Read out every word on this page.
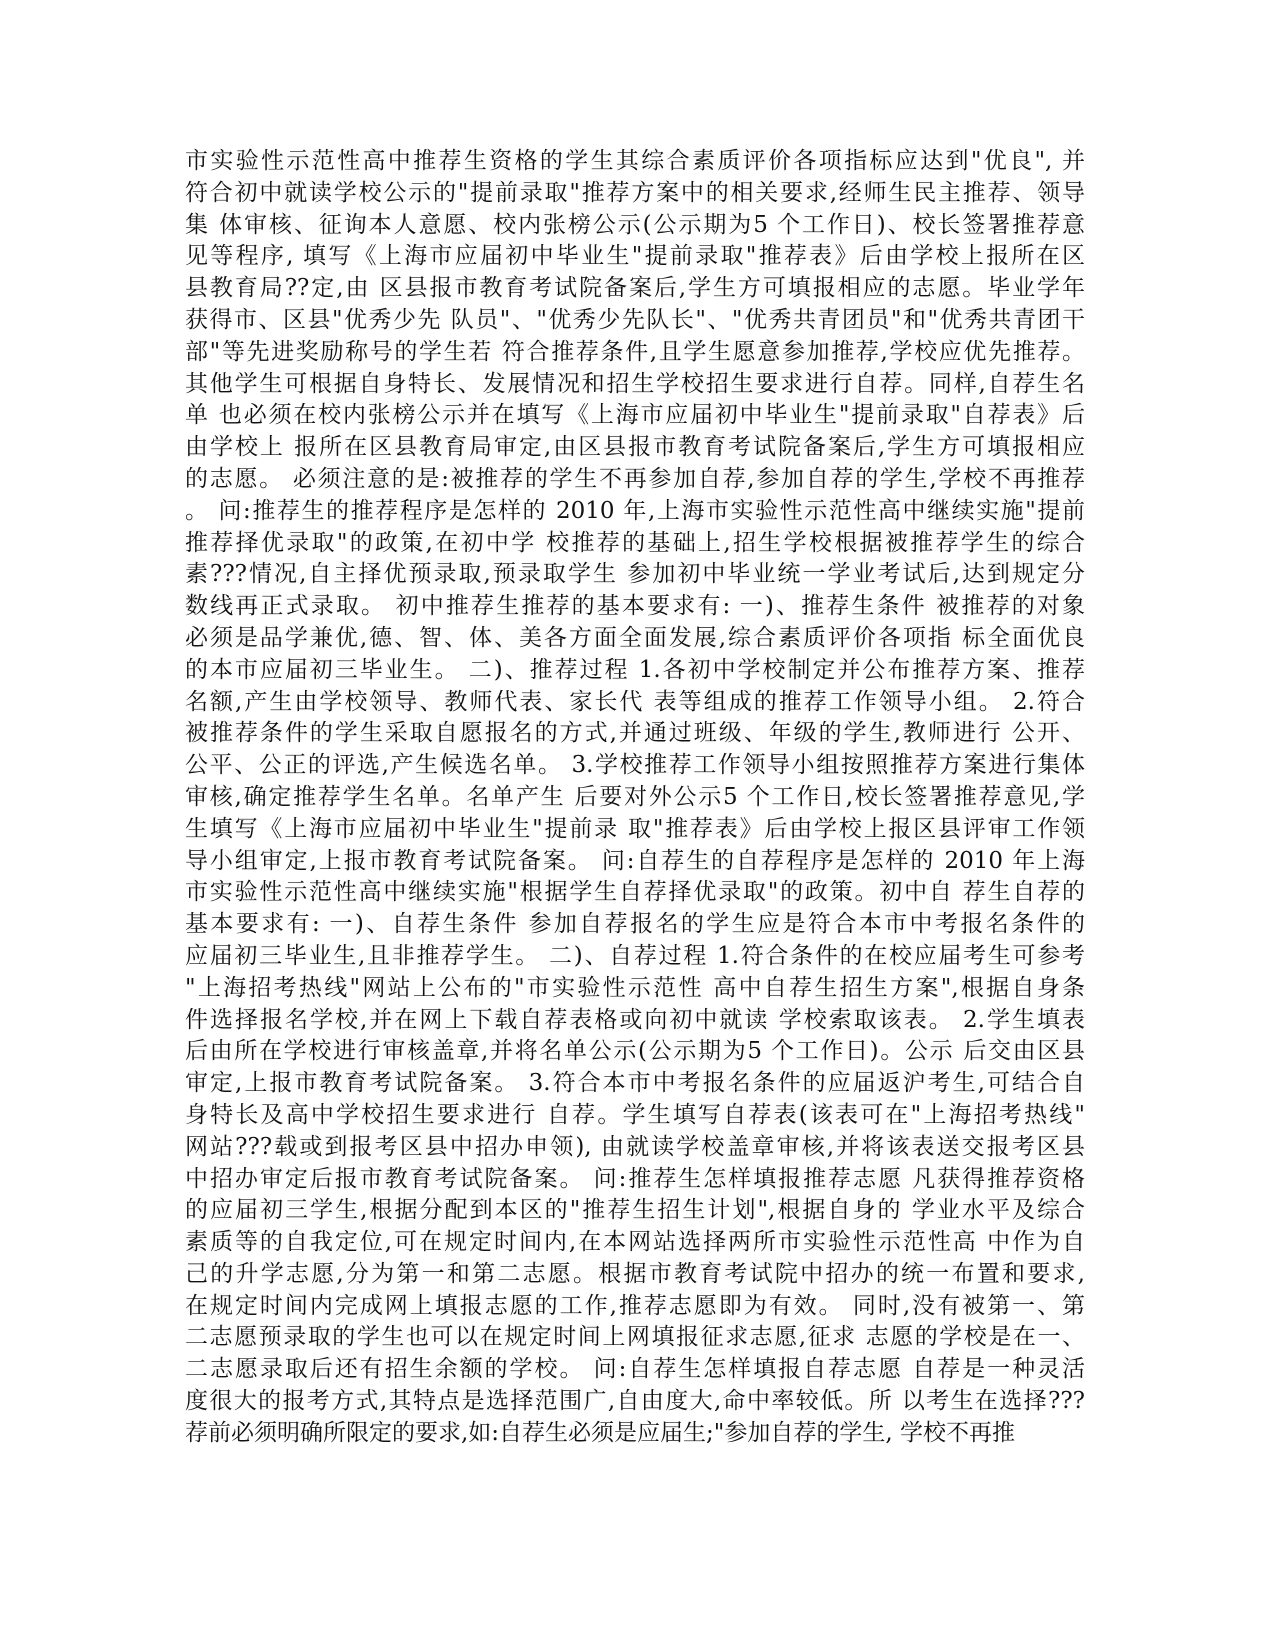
市实验性示范性高中推荐生资格的学生其综合素质评价各项指标应达到"优良", 并
符合初中就读学校公示的"提前录取"推荐方案中的相关要求,经师生民主推荐、领导
集 体审核、征询本人意愿、校内张榜公示(公示期为5 个工作日)、校长签署推荐意
见等程序, 填写《上海市应届初中毕业生"提前录取"推荐表》后由学校上报所在区
县教育局??定,由 区县报市教育考试院备案后,学生方可填报相应的志愿。毕业学年
获得市、区县"优秀少先 队员"、"优秀少先队长"、"优秀共青团员"和"优秀共青团干
部"等先进奖励称号的学生若 符合推荐条件,且学生愿意参加推荐,学校应优先推荐。
其他学生可根据自身特长、发展情况和招生学校招生要求进行自荐。同样,自荐生名
单 也必须在校内张榜公示并在填写《上海市应届初中毕业生"提前录取"自荐表》后
由学校上 报所在区县教育局审定,由区县报市教育考试院备案后,学生方可填报相应
的志愿。 必须注意的是:被推荐的学生不再参加自荐,参加自荐的学生,学校不再推荐
。 问:推荐生的推荐程序是怎样的 2010 年,上海市实验性示范性高中继续实施"提前
推荐择优录取"的政策,在初中学 校推荐的基础上,招生学校根据被推荐学生的综合
素???情况,自主择优预录取,预录取学生 参加初中毕业统一学业考试后,达到规定分
数线再正式录取。 初中推荐生推荐的基本要求有: 一)、推荐生条件 被推荐的对象
必须是品学兼优,德、智、体、美各方面全面发展,综合素质评价各项指 标全面优良
的本市应届初三毕业生。 二)、推荐过程 1.各初中学校制定并公布推荐方案、推荐
名额,产生由学校领导、教师代表、家长代 表等组成的推荐工作领导小组。 2.符合
被推荐条件的学生采取自愿报名的方式,并通过班级、年级的学生,教师进行 公开、
公平、公正的评选,产生候选名单。 3.学校推荐工作领导小组按照推荐方案进行集体
审核,确定推荐学生名单。名单产生 后要对外公示5 个工作日,校长签署推荐意见,学
生填写《上海市应届初中毕业生"提前录 取"推荐表》后由学校上报区县评审工作领
导小组审定,上报市教育考试院备案。 问:自荐生的自荐程序是怎样的 2010 年上海
市实验性示范性高中继续实施"根据学生自荐择优录取"的政策。初中自 荐生自荐的
基本要求有: 一)、自荐生条件 参加自荐报名的学生应是符合本市中考报名条件的
应届初三毕业生,且非推荐学生。 二)、自荐过程 1.符合条件的在校应届考生可参考
"上海招考热线"网站上公布的"市实验性示范性 高中自荐生招生方案",根据自身条
件选择报名学校,并在网上下载自荐表格或向初中就读 学校索取该表。 2.学生填表
后由所在学校进行审核盖章,并将名单公示(公示期为5 个工作日)。公示 后交由区县
审定,上报市教育考试院备案。 3.符合本市中考报名条件的应届返沪考生,可结合自
身特长及高中学校招生要求进行 自荐。学生填写自荐表(该表可在"上海招考热线"
网站???载或到报考区县中招办申领), 由就读学校盖章审核,并将该表送交报考区县
中招办审定后报市教育考试院备案。 问:推荐生怎样填报推荐志愿 凡获得推荐资格
的应届初三学生,根据分配到本区的"推荐生招生计划",根据自身的 学业水平及综合
素质等的自我定位,可在规定时间内,在本网站选择两所市实验性示范性高 中作为自
己的升学志愿,分为第一和第二志愿。根据市教育考试院中招办的统一布置和要求,
在规定时间内完成网上填报志愿的工作,推荐志愿即为有效。 同时,没有被第一、第
二志愿预录取的学生也可以在规定时间上网填报征求志愿,征求 志愿的学校是在一、
二志愿录取后还有招生余额的学校。 问:自荐生怎样填报自荐志愿 自荐是一种灵活
度很大的报考方式,其特点是选择范围广,自由度大,命中率较低。所 以考生在选择???
荐前必须明确所限定的要求,如:自荐生必须是应届生;"参加自荐的学生, 学校不再推
